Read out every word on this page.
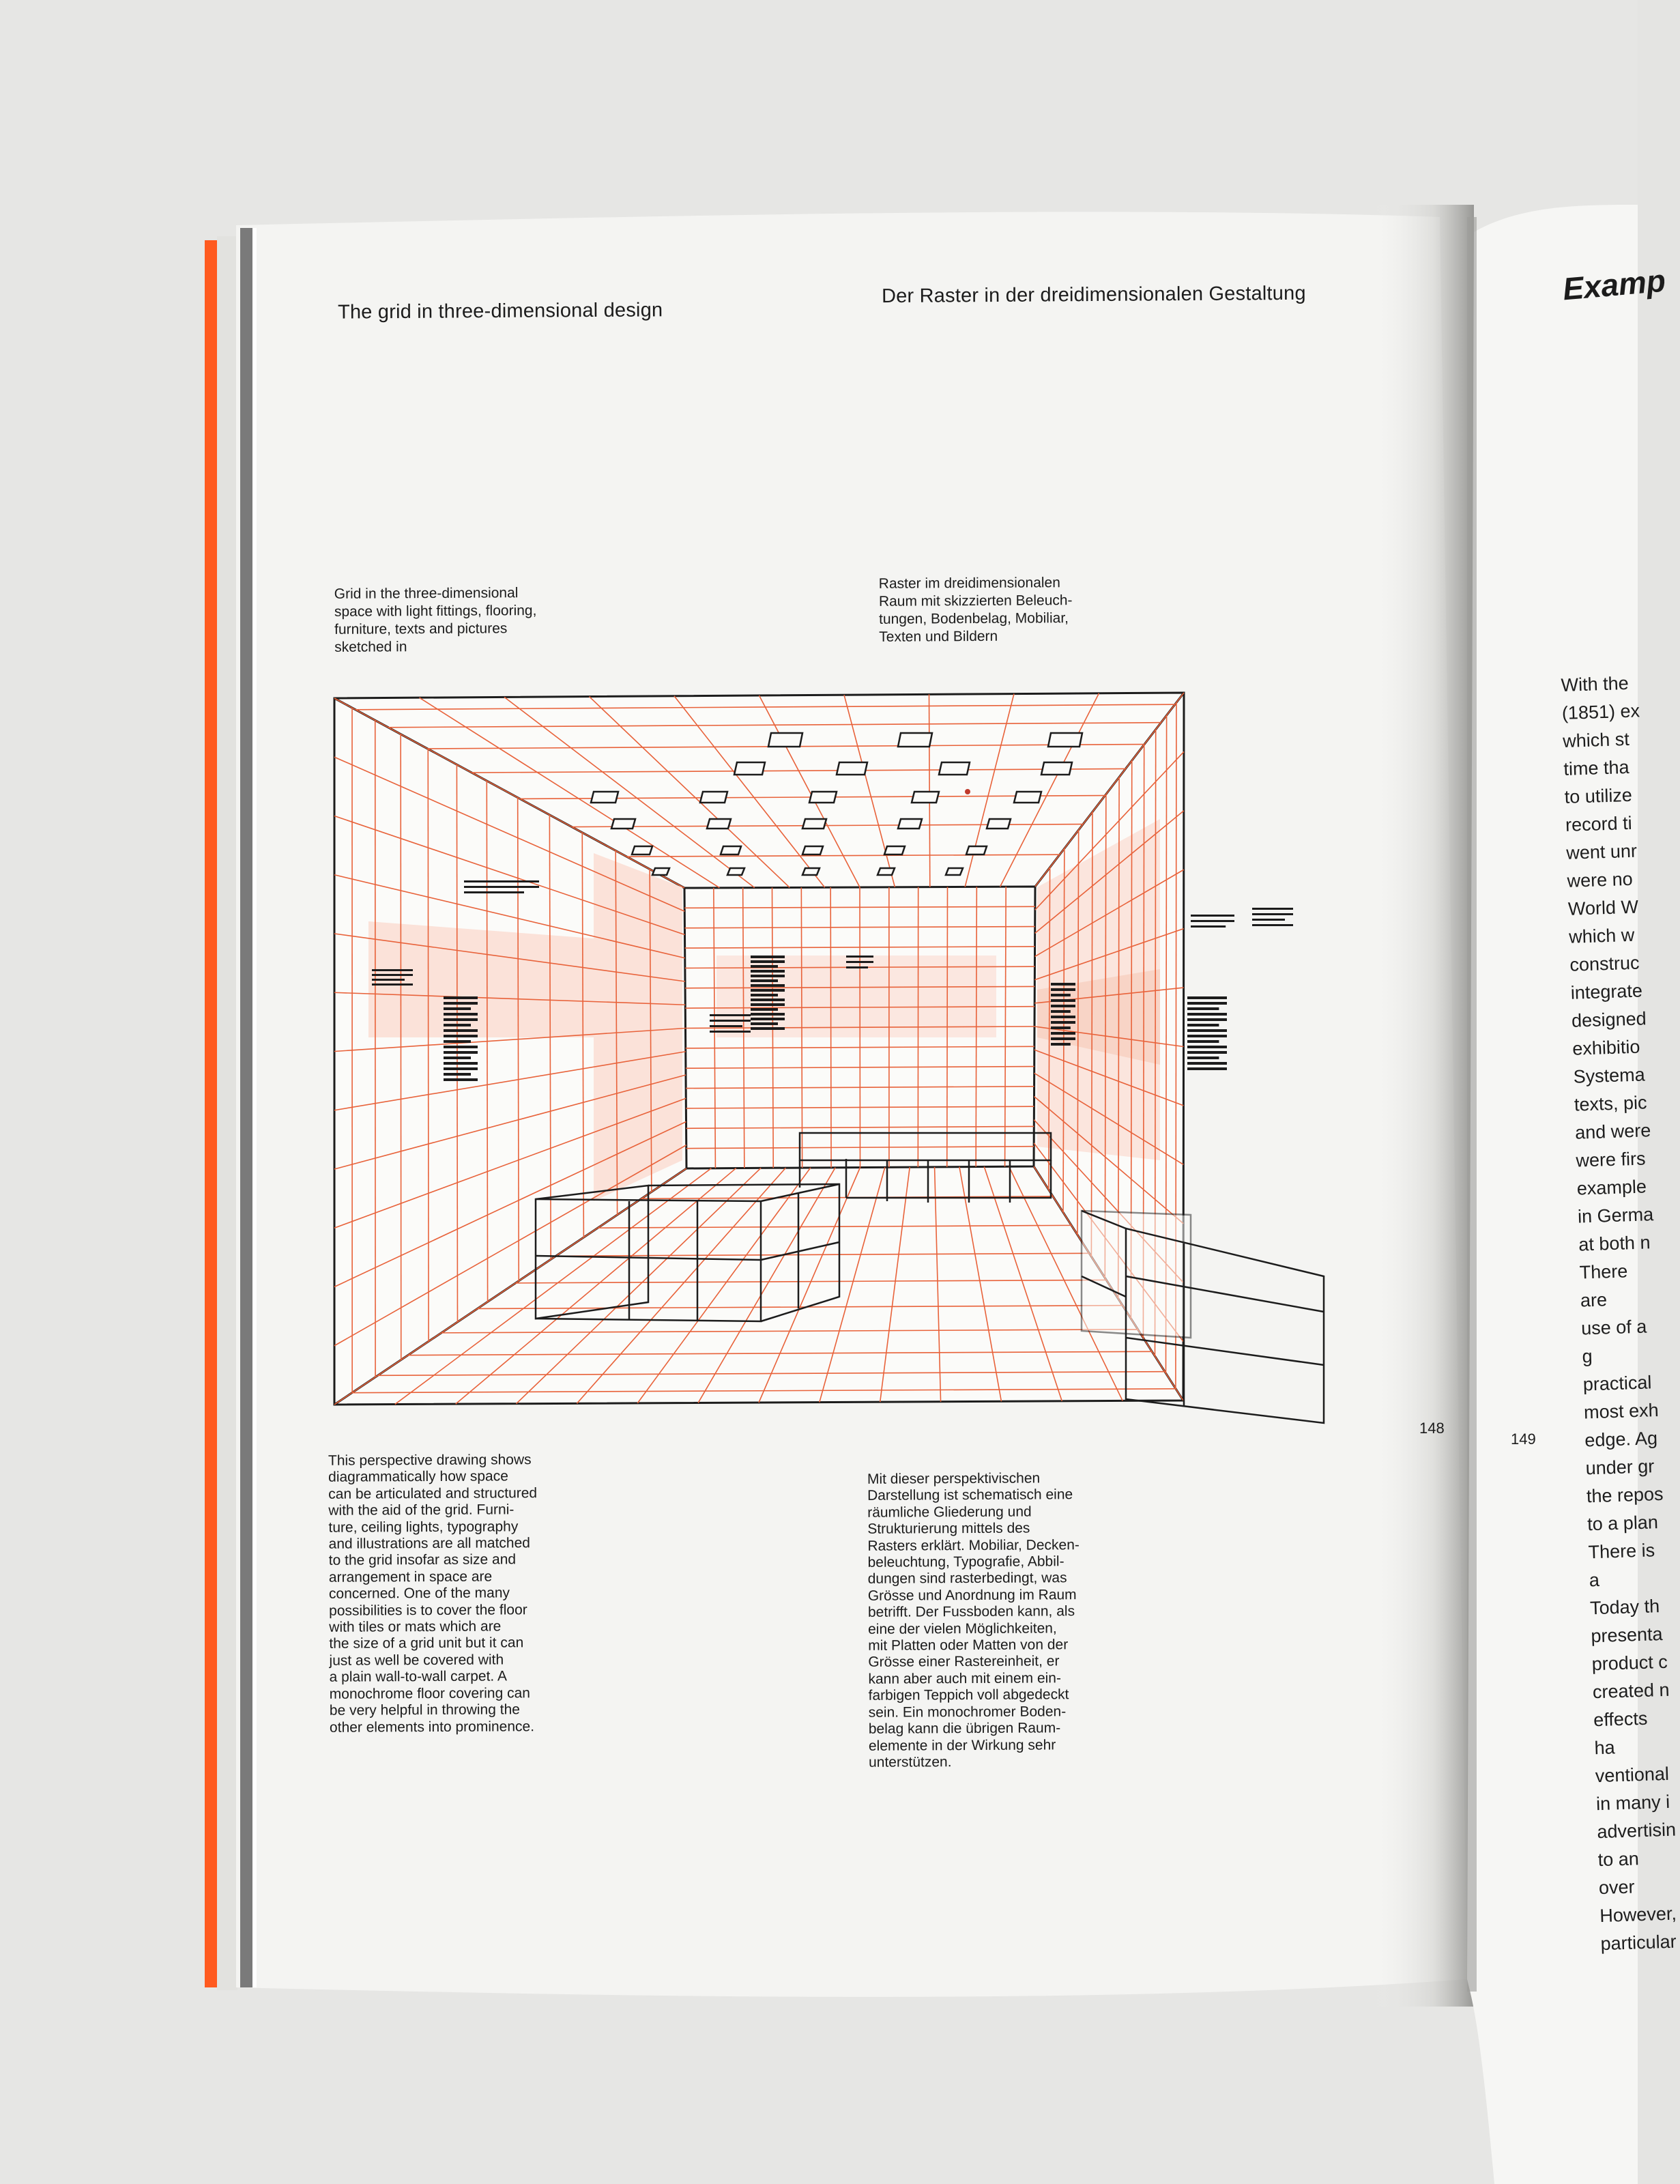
The grid in three-dimensional design

Der Raster in der dreidimensionalen Gestaltung

Grid in the three-dimensional
space with light fittings, flooring,
furniture, texts and pictures
sketched in

Raster im dreidimensionalen
Raum mit skizzierten Beleuch-
tungen, Bodenbelag, Mobiliar,
Texten und Bildern

148

This perspective drawing shows
diagrammatically how space
can be articulated and structured
with the aid of the grid. Furni-
ture, ceiling lights, typography
and illustrations are all matched
to the grid insofar as size and
arrangement in space are
concerned. One of the many
possibilities is to cover the floor
with tiles or mats which are
the size of a grid unit but it can
just as well be covered with
a plain wall-to-wall carpet. A
monochrome floor covering can
be very helpful in throwing the
other elements into prominence.

Mit dieser perspektivischen
Darstellung ist schematisch eine
räumliche Gliederung und
Strukturierung mittels des
Rasters erklärt. Mobiliar, Decken-
beleuchtung, Typografie, Abbil-
dungen sind rasterbedingt, was
Grösse und Anordnung im Raum
betrifft. Der Fussboden kann, als
eine der vielen Möglichkeiten,
mit Platten oder Matten von der
Grösse einer Rastereinheit, er
kann aber auch mit einem ein-
farbigen Teppich voll abgedeckt
sein. Ein monochromer Boden-
belag kann die übrigen Raum-
elemente in der Wirkung sehr
unterstützen.

Examp

149

With the
(1851) ex
which st
time tha
to utilize
record ti
went unr
were no
World W
which w
construc
integrate
designed
exhibitio
Systema
texts, pic
and were
were firs
example
in Germa
at both n
There are
use of a g
practical
most exh
edge. Ag
under gr
the repos
to a plan
There is a
Today th
presenta
product c
created n
effects ha
ventional
in many i
advertisin
to an over
However,
particular
